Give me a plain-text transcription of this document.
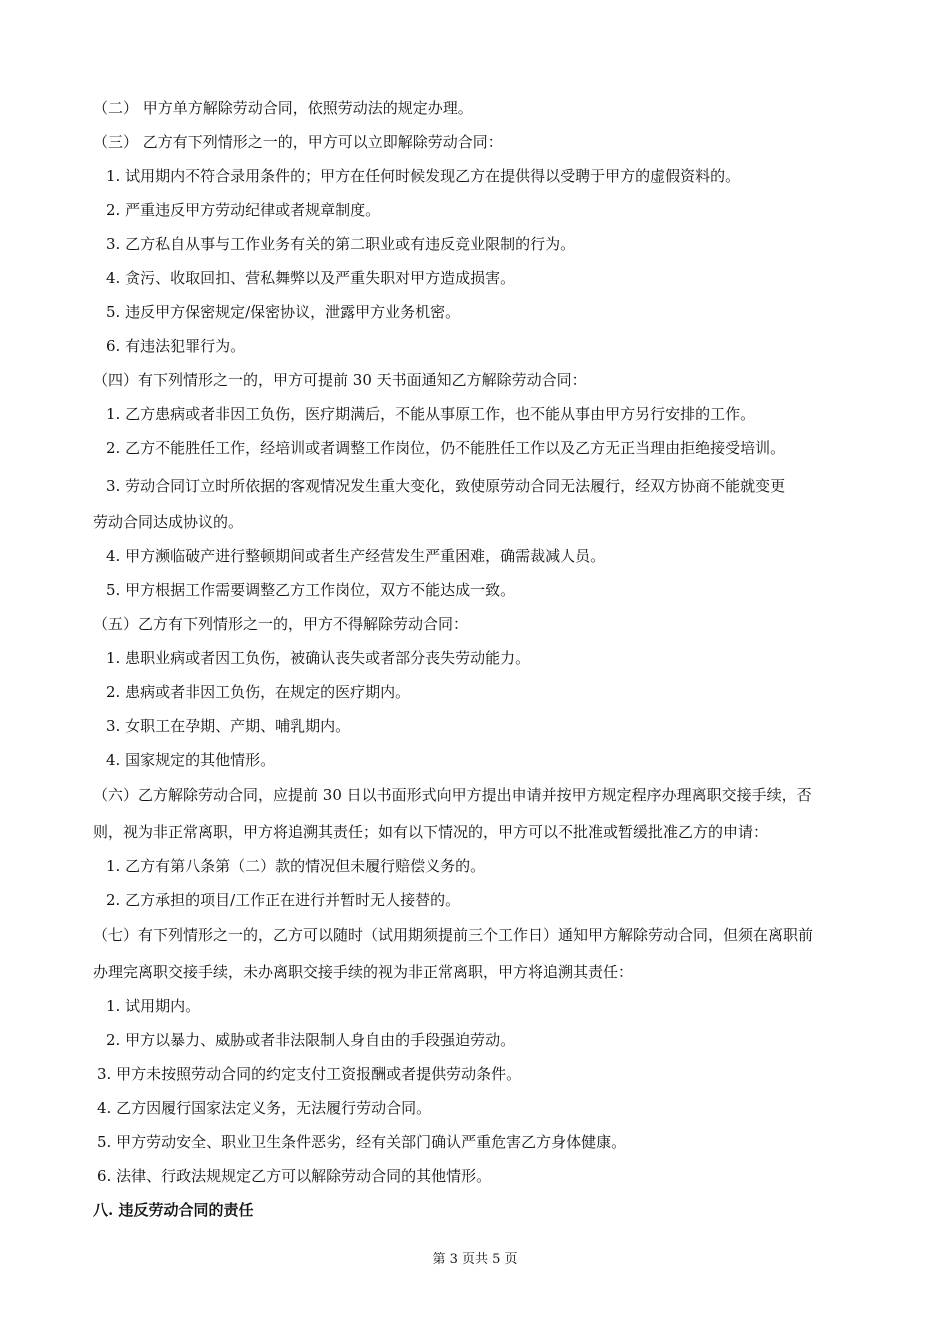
（二） 甲方单方解除劳动合同，依照劳动法的规定办理。
（三） 乙方有下列情形之一的，甲方可以立即解除劳动合同：
1. 试用期内不符合录用条件的；甲方在任何时候发现乙方在提供得以受聘于甲方的虚假资料的。
2. 严重违反甲方劳动纪律或者规章制度。
3. 乙方私自从事与工作业务有关的第二职业或有违反竞业限制的行为。
4. 贪污、收取回扣、营私舞弊以及严重失职对甲方造成损害。
5. 违反甲方保密规定/保密协议，泄露甲方业务机密。
6. 有违法犯罪行为。
（四）有下列情形之一的，甲方可提前 30 天书面通知乙方解除劳动合同：
1. 乙方患病或者非因工负伤，医疗期满后，不能从事原工作，也不能从事由甲方另行安排的工作。
2. 乙方不能胜任工作，经培训或者调整工作岗位，仍不能胜任工作以及乙方无正当理由拒绝接受培训。
3. 劳动合同订立时所依据的客观情况发生重大变化，致使原劳动合同无法履行，经双方协商不能就变更
劳动合同达成协议的。
4. 甲方濒临破产进行整顿期间或者生产经营发生严重困难，确需裁减人员。
5. 甲方根据工作需要调整乙方工作岗位，双方不能达成一致。
（五）乙方有下列情形之一的，甲方不得解除劳动合同：
1. 患职业病或者因工负伤，被确认丧失或者部分丧失劳动能力。
2. 患病或者非因工负伤，在规定的医疗期内。
3. 女职工在孕期、产期、哺乳期内。
4. 国家规定的其他情形。
（六）乙方解除劳动合同，应提前 30 日以书面形式向甲方提出申请并按甲方规定程序办理离职交接手续，否
则，视为非正常离职，甲方将追溯其责任；如有以下情况的，甲方可以不批准或暂缓批准乙方的申请：
1. 乙方有第八条第（二）款的情况但未履行赔偿义务的。
2. 乙方承担的项目/工作正在进行并暂时无人接替的。
（七）有下列情形之一的，乙方可以随时（试用期须提前三个工作日）通知甲方解除劳动合同，但须在离职前
办理完离职交接手续，未办离职交接手续的视为非正常离职，甲方将追溯其责任：
1. 试用期内。
2. 甲方以暴力、威胁或者非法限制人身自由的手段强迫劳动。
3. 甲方未按照劳动合同的约定支付工资报酬或者提供劳动条件。
4. 乙方因履行国家法定义务，无法履行劳动合同。
5. 甲方劳动安全、职业卫生条件恶劣，经有关部门确认严重危害乙方身体健康。
6. 法律、行政法规规定乙方可以解除劳动合同的其他情形。
八. 违反劳动合同的责任
第 3 页共 5 页
